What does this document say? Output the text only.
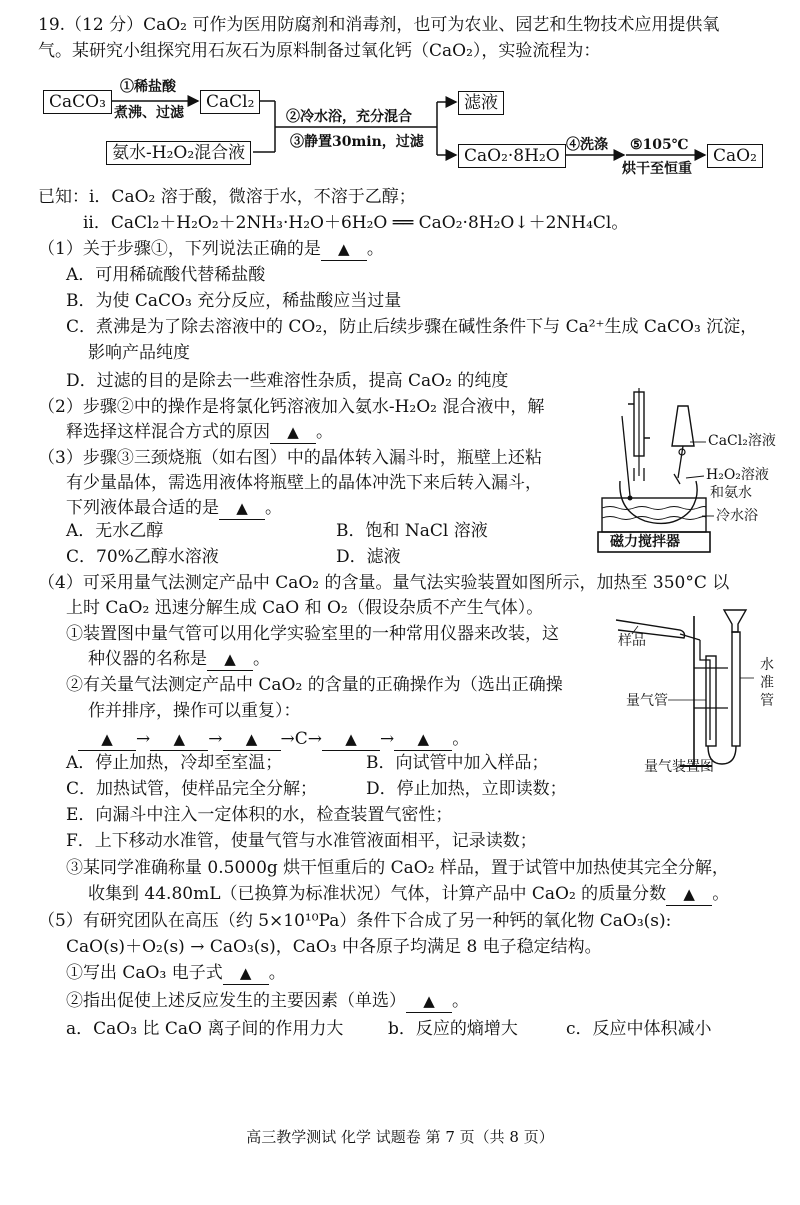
19.（12 分）CaO₂ 可作为医用防腐剂和消毒剂，也可为农业、园艺和生物技术应用提供氧
气。某研究小组探究用石灰石为原料制备过氧化钙（CaO₂），实验流程为：
CaCO₃
①稀盐酸
煮沸、过滤
CaCl₂
氨水-H₂O₂混合液
②冷水浴，充分混合
③静置30min，过滤
滤液
CaO₂·8H₂O
④洗涤 ⑤105℃
烘干至恒重
CaO₂
已知：i．CaO₂ 溶于酸，微溶于水，不溶于乙醇；
ii．CaCl₂＋H₂O₂＋2NH₃·H₂O＋6H₂O ══ CaO₂·8H₂O↓＋2NH₄Cl。
（1）关于步骤①，下列说法正确的是 ▲ 。
A．可用稀硫酸代替稀盐酸
B．为使 CaCO₃ 充分反应，稀盐酸应当过量
C．煮沸是为了除去溶液中的 CO₂，防止后续步骤在碱性条件下与 Ca²⁺生成 CaCO₃ 沉淀，
影响产品纯度
D．过滤的目的是除去一些难溶性杂质，提高 CaO₂ 的纯度
（2）步骤②中的操作是将氯化钙溶液加入氨水-H₂O₂ 混合液中，解
释选择这样混合方式的原因 ▲ 。
（3）步骤③三颈烧瓶（如右图）中的晶体转入漏斗时，瓶壁上还粘
有少量晶体，需选用液体将瓶壁上的晶体冲洗下来后转入漏斗，
下列液体最合适的是 ▲ 。
A．无水乙醇	B．饱和 NaCl 溶液
C．70%乙醇水溶液	D．滤液
CaCl₂溶液
H₂O₂溶液
和氨水
冷水浴
磁力搅拌器
（4）可采用量气法测定产品中 CaO₂ 的含量。量气法实验装置如图所示，加热至 350°C 以
上时 CaO₂ 迅速分解生成 CaO 和 O₂（假设杂质不产生气体）。
①装置图中量气管可以用化学实验室里的一种常用仪器来改装，这
种仪器的名称是 ▲ 。
②有关量气法测定产品中 CaO₂ 的含量的正确操作为（选出正确操
作并排序，操作可以重复）：
▲ → ▲ → ▲ →C→ ▲ → ▲ 。
A．停止加热，冷却至室温；	B．向试管中加入样品；
C．加热试管，使样品完全分解；	D．停止加热，立即读数；
E．向漏斗中注入一定体积的水，检查装置气密性；
F．上下移动水准管，使量气管与水准管液面相平，记录读数；
③某同学准确称量 0.5000g 烘干恒重后的 CaO₂ 样品，置于试管中加热使其完全分解，
收集到 44.80mL（已换算为标准状况）气体，计算产品中 CaO₂ 的质量分数 ▲ 。
样品
水
准
管
量气管
量气装置图
（5）有研究团队在高压（约 5×10¹⁰Pa）条件下合成了另一种钙的氧化物 CaO₃(s):
CaO(s)＋O₂(s) → CaO₃(s)，CaO₃ 中各原子均满足 8 电子稳定结构。
①写出 CaO₃ 电子式 ▲ 。
②指出促使上述反应发生的主要因素（单选） ▲ 。
a．CaO₃ 比 CaO 离子间的作用力大	b．反应的熵增大	c．反应中体积减小
高三教学测试 化学 试题卷 第 7 页（共 8 页）
